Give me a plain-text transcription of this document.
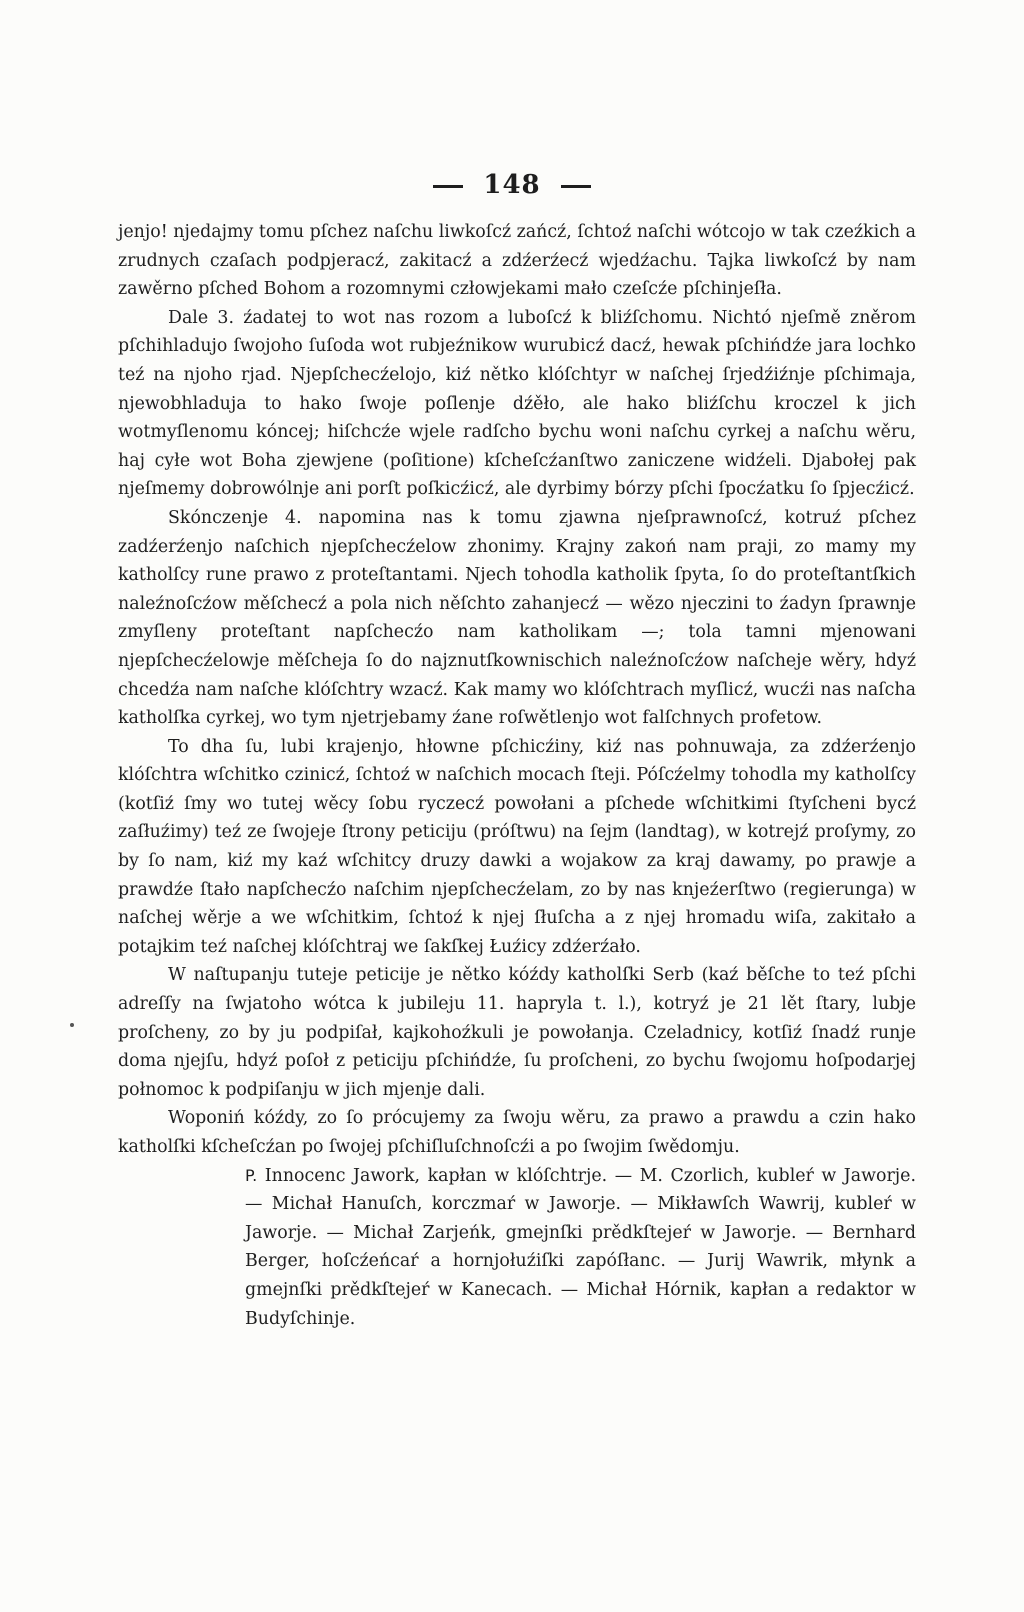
148

jenjo! njedajmy tomu pſchez naſchu liwkoſcź zańcź, ſchtoź naſchi wótcojo w tak czeźkich a zrudnych czaſach podpjeracź, zakitacź a zdźerźecź wjedźachu. Tajka liwkoſcź by nam zawěrno pſched Bohom a rozomnymi człowjekami mało czeſcźe pſchinjeſła.

Dale 3. źadatej to wot nas rozom a luboſcź k bliźſchomu. Nichtó njeſmě zněrom pſchihladujo ſwojoho ſuſoda wot rubjeźnikow wurubicź dacź, hewak pſchińdźe jara lochko teź na njoho rjad. Njepſchecźelojo, kiź nětko klóſchtyr w naſchej ſrjedźiźnje pſchimaja, njewobhladuja to hako ſwoje poſlenje dźěło, ale hako bliźſchu kroczel k jich wotmyſlenomu kóncej; hiſchcźe wjele radſcho bychu woni naſchu cyrkej a naſchu wěru, haj cyłe wot Boha zjewjene (poſitione) kſcheſcźanſtwo zaniczene widźeli. Djabołej pak njeſmemy dobrowólnje ani porſt poſkicźicź, ale dyrbimy bórzy pſchi ſpocźatku ſo ſpjecźicź.

Skónczenje 4. napomina nas k tomu zjawna njeſprawnoſcź, kotruź pſchez zadźerźenjo naſchich njepſchecźelow zhonimy. Krajny zakoń nam praji, zo mamy my katholſcy rune prawo z proteſtantami. Njech tohodla katholik ſpyta, ſo do proteſtantſkich naleźnoſcźow měſchecź a pola nich něſchto zahanjecź — wězo njeczini to źadyn ſprawnje zmyſleny proteſtant napſchecźo nam katholikam —; tola tamni mjenowani njepſchecźelowje měſcheja ſo do najznutſkownischich naleźnoſcźow naſcheje wěry, hdyź chcedźa nam naſche klóſchtry wzacź. Kak mamy wo klóſchtrach myſlicź, wucźi nas naſcha katholſka cyrkej, wo tym njetrjebamy źane roſwětlenjo wot falſchnych profetow.

To dha ſu, lubi krajenjo, hłowne pſchicźiny, kiź nas pohnuwaja, za zdźerźenjo klóſchtra wſchitko czinicź, ſchtoź w naſchich mocach ſteji. Póſcźelmy tohodla my katholſcy (kotſiź ſmy wo tutej wěcy ſobu ryczecź powołani a pſchede wſchitkimi ſtyſcheni bycź zaſłuźimy) teź ze ſwojeje ſtrony peticiju (próſtwu) na ſejm (landtag), w kotrejź proſymy, zo by ſo nam, kiź my kaź wſchitcy druzy dawki a wojakow za kraj dawamy, po prawje a prawdźe ſtało napſchecźo naſchim njepſchecźelam, zo by nas knjeźerſtwo (regierunga) w naſchej wěrje a we wſchitkim, ſchtoź k njej ſłuſcha a z njej hromadu wiſa, zakitało a potajkim teź naſchej klóſchtraj we ſakſkej Łuźicy zdźerźało.

W naſtupanju tuteje peticije je nětko kóźdy katholſki Serb (kaź běſche to teź pſchi adreſſy na ſwjatoho wótca k jubileju 11. hapryla t. l.), kotryź je 21 lět ſtary, lubje proſcheny, zo by ju podpiſał, kajkohoźkuli je powołanja. Czeladnicy, kotſiź ſnadź runje doma njejſu, hdyź poſoł z peticiju pſchińdźe, ſu proſcheni, zo bychu ſwojomu hoſpodarjej połnomoc k podpiſanju w jich mjenje dali.

Woponiń kóźdy, zo ſo prócujemy za ſwoju wěru, za prawo a prawdu a czin hako katholſki kſcheſcźan po ſwojej pſchiſluſchnoſcźi a po ſwojim ſwědomju.

P. Innocenc Jawork, kapłan w klóſchtrje. — M. Czorlich, kubleŕ w Jaworje. — Michał Hanuſch, korczmaŕ w Jaworje. — Mikławſch Wawrij, kubleŕ w Jaworje. — Michał Zarjeńk, gmejnſki prědkſtejeŕ w Jaworje. — Bernhard Berger, hoſcźeńcaŕ a hornjołuźiſki zapóſłanc. — Jurij Wawrik, młynk a gmejnſki prědkſtejeŕ w Kanecach. — Michał Hórnik, kapłan a redaktor w Budyſchinje.
